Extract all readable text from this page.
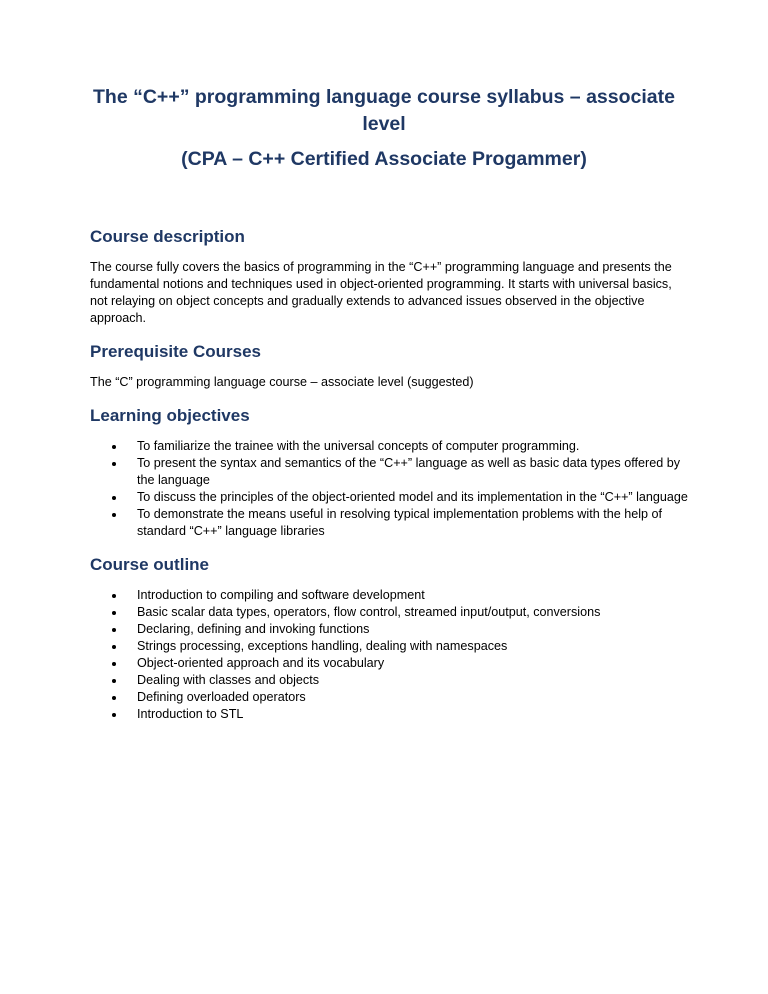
The “C++” programming language course syllabus – associate
level
(CPA – C++ Certified Associate Progammer)
Course description

The course fully covers the basics of programming in the “C++” programming language and presents the fundamental notions and techniques used in object-oriented programming. It starts with universal basics, not relaying on object concepts and gradually extends to advanced issues observed in the objective approach.

Prerequisite Courses

The “C” programming language course – associate level (suggested)

Learning objectives
To familiarize the trainee with the universal concepts of computer programming.
To present the syntax and semantics of the “C++” language as well as basic data types offered by the language
To discuss the principles of the object-oriented model and its implementation in the “C++” language
To demonstrate the means useful in resolving typical implementation problems with the help of standard “C++” language libraries
Course outline
Introduction to compiling and software development
Basic scalar data types, operators, flow control, streamed input/output, conversions
Declaring, defining and invoking functions
Strings processing, exceptions handling, dealing with namespaces
Object-oriented approach and its vocabulary
Dealing with classes and objects
Defining overloaded operators
Introduction to STL
